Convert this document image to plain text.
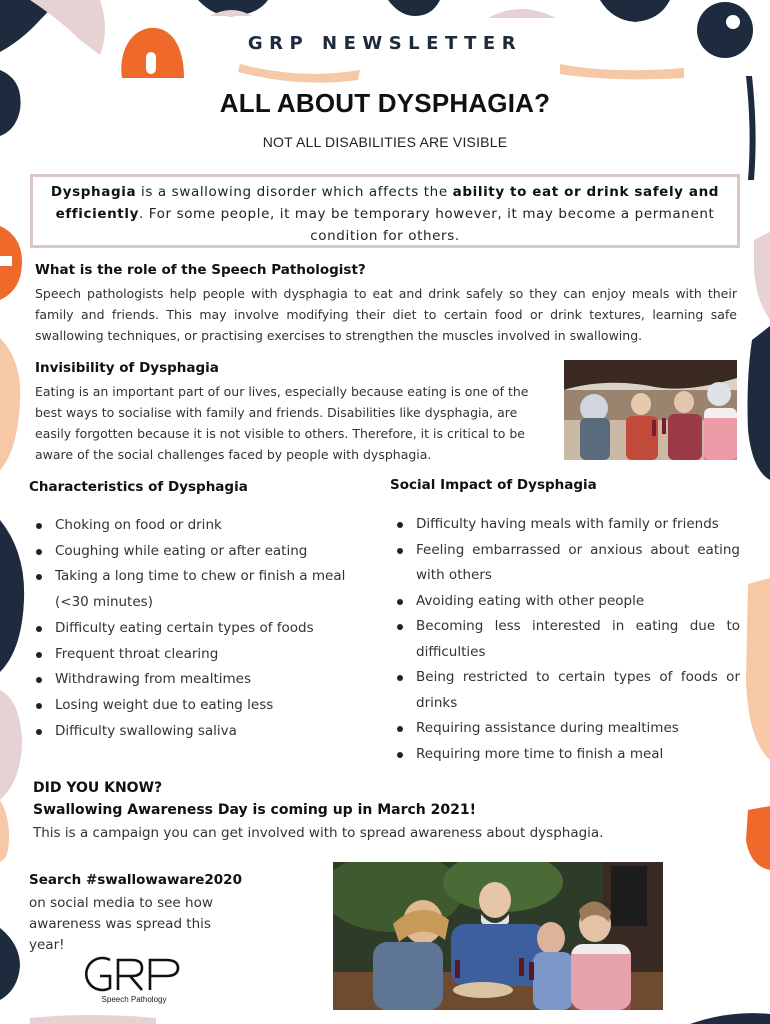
GRP NEWSLETTER
ALL ABOUT DYSPHAGIA?
NOT ALL DISABILITIES ARE VISIBLE
Dysphagia is a swallowing disorder which affects the ability to eat or drink safely and efficiently. For some people, it may be temporary however, it may become a permanent condition for others.
What is the role of the Speech Pathologist?

Speech pathologists help people with dysphagia to eat and drink safely so they can enjoy meals with their family and friends. This may involve modifying their diet to certain food or drink textures, learning safe swallowing techniques, or practising exercises to strengthen the muscles involved in swallowing.

Invisibility of Dysphagia

Eating is an important part of our lives, especially because eating is one of the best ways to socialise with family and friends. Disabilities like dysphagia, are easily forgotten because it is not visible to others. Therefore, it is critical to be aware of the social challenges faced by people with dysphagia.

Characteristics of Dysphagia
Choking on food or drink
Coughing while eating or after eating
Taking a long time to chew or finish a meal (<30 minutes)
Difficulty eating certain types of foods
Frequent throat clearing
Withdrawing from mealtimes
Losing weight due to eating less
Difficulty swallowing saliva
Social Impact of Dysphagia
Difficulty having meals with family or friends
Feeling embarrassed or anxious about eating with others
Avoiding eating with other people
Becoming less interested in eating due to difficulties
Being restricted to certain types of foods or drinks
Requiring assistance during mealtimes
Requiring more time to finish a meal
DID YOU KNOW?
Swallowing Awareness Day is coming up in March 2021!
This is a campaign you can get involved with to spread awareness about dysphagia.
Search #swallowaware2020
on social media to see how awareness was spread this year!
Speech Pathology
